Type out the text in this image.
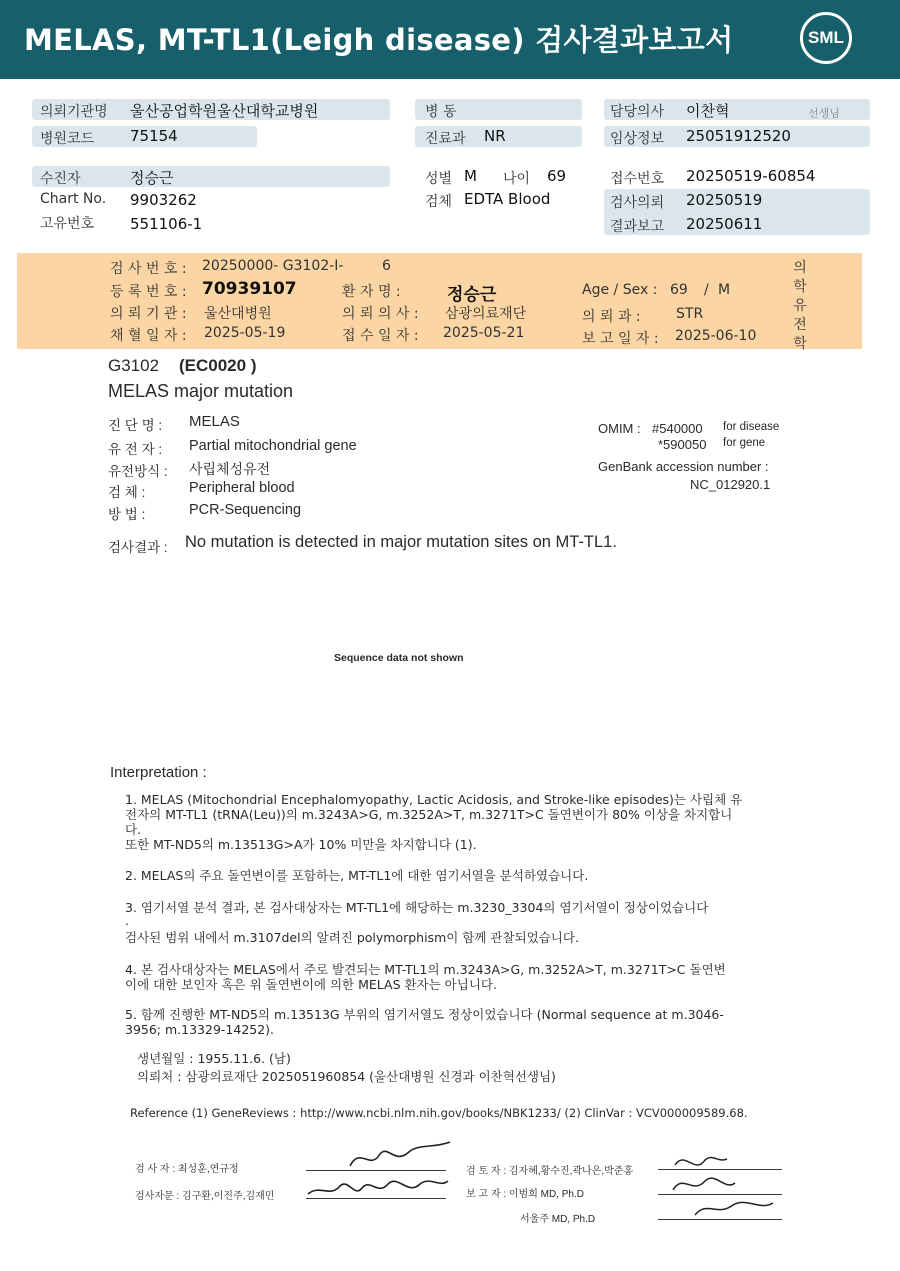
MELAS, MT-TL1(Leigh disease) 검사결과보고서	SML
의뢰기관명 울산공업학원울산대학교병원	병 동	담당의사 이찬혁	선생님
병원코드 75154	진료과 NR	임상정보 25051912520
수진자	정승근	성별 M 나이 69	접수번호 20250519-60854
Chart No. 9903262	검체 EDTA Blood	검사의뢰 20250519
고유번호 551106-1	결과보고 20250611
검 사 번 호 : 20250000- G3102-I-	6
등 록 번 호 : 70939107	환 자 명 :	정승근	Age / Sex : 69 / M
의 뢰 기 관 : 울산대병원	의 뢰 의 사 : 삼광의료재단	의 뢰 과 :	STR
채 혈 일 자 : 2025-05-19	접 수 일 자 : 2025-05-21	보 고 일 자 : 2025-06-10
의학유전학
G3102 (EC0020 )
MELAS major mutation
진 단 명 : MELAS
유 전 자 : Partial mitochondrial gene
유전방식 : 사립체성유전
검 체 :	Peripheral blood
방 법 :	PCR-Sequencing
OMIM : #540000 for disease
*590050 for gene
GenBank accession number :
NC_012920.1
검사결과 : No mutation is detected in major mutation sites on MT-TL1.
Sequence data not shown
Interpretation :
1. MELAS (Mitochondrial Encephalomyopathy, Lactic Acidosis, and Stroke-like episodes)는 사립체 유
전자의 MT-TL1 (tRNA(Leu))의 m.3243A>G, m.3252A>T, m.3271T>C 돌연변이가 80% 이상을 차지합니
다.
또한 MT-ND5의 m.13513G>A가 10% 미만을 차지합니다 (1).
2. MELAS의 주요 돌연변이를 포함하는, MT-TL1에 대한 염기서열을 분석하였습니다.
3. 염기서열 분석 결과, 본 검사대상자는 MT-TL1에 해당하는 m.3230_3304의 염기서열이 정상이었습니다
.
검사된 범위 내에서 m.3107del의 알려진 polymorphism이 함께 관찰되었습니다.
4. 본 검사대상자는 MELAS에서 주로 발견되는 MT-TL1의 m.3243A>G, m.3252A>T, m.3271T>C 돌연변
이에 대한 보인자 혹은 위 돌연변이에 의한 MELAS 환자는 아닙니다.
5. 함께 진행한 MT-ND5의 m.13513G 부위의 염기서열도 정상이었습니다 (Normal sequence at m.3046-
3956; m.13329-14252).
생년월일 : 1955.11.6. (남)
의뢰처 : 삼광의료재단 2025051960854 (울산대병원 신경과 이찬혁선생님)
Reference (1) GeneReviews : http://www.ncbi.nlm.nih.gov/books/NBK1233/ (2) ClinVar : VCV000009589.68.
검 사 자 : 최성훈,연규정
검사자문 : 김구환,이진주,김재민
검 토 자 : 김자혜,황수진,곽나은,박준홍
보 고 자 : 이범희 MD, Ph.D
서울주 MD, Ph.D
